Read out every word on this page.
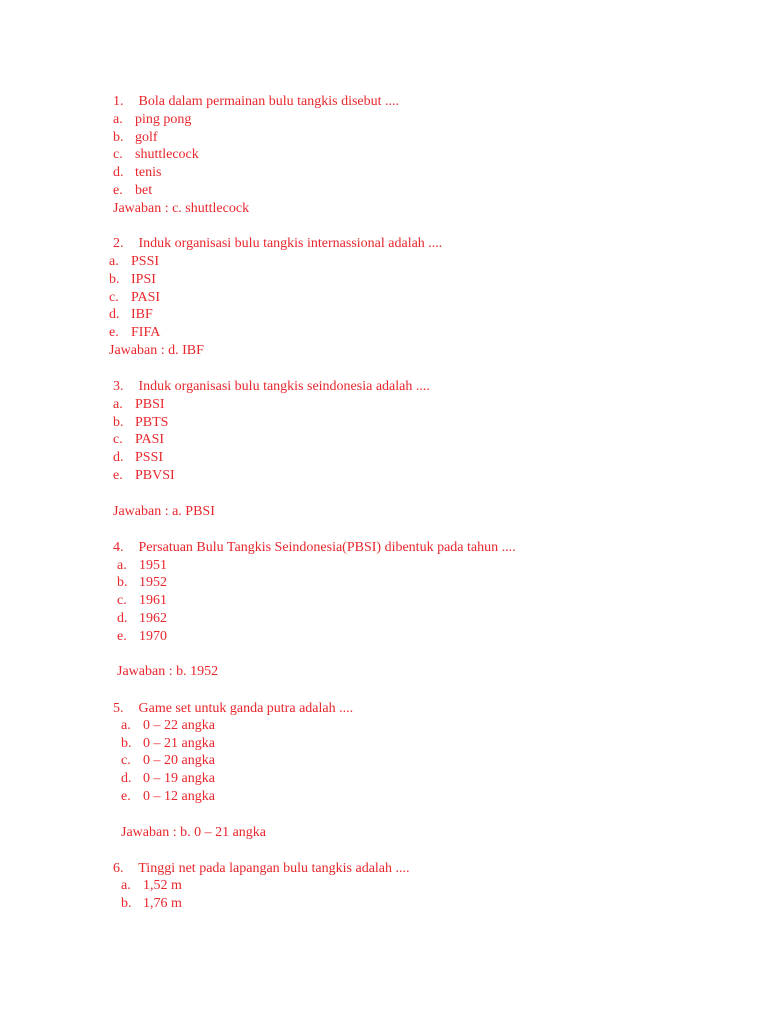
1. Bola dalam permainan bulu tangkis disebut ....
a. ping pong
b. golf
c. shuttlecock
d. tenis
e. bet
Jawaban : c. shuttlecock
2. Induk organisasi bulu tangkis internassional adalah ....
a. PSSI
b. IPSI
c. PASI
d. IBF
e. FIFA
Jawaban : d. IBF
3. Induk organisasi bulu tangkis seindonesia adalah ....
a. PBSI
b. PBTS
c. PASI
d. PSSI
e. PBVSI
Jawaban : a. PBSI
4. Persatuan Bulu Tangkis Seindonesia(PBSI) dibentuk pada tahun ....
a. 1951
b. 1952
c. 1961
d. 1962
e. 1970
Jawaban : b. 1952
5. Game set untuk ganda putra adalah ....
a. 0 – 22 angka
b. 0 – 21 angka
c. 0 – 20 angka
d. 0 – 19 angka
e. 0 – 12 angka
Jawaban : b. 0 – 21 angka
6. Tinggi net pada lapangan bulu tangkis adalah ....
a. 1,52 m
b. 1,76 m
